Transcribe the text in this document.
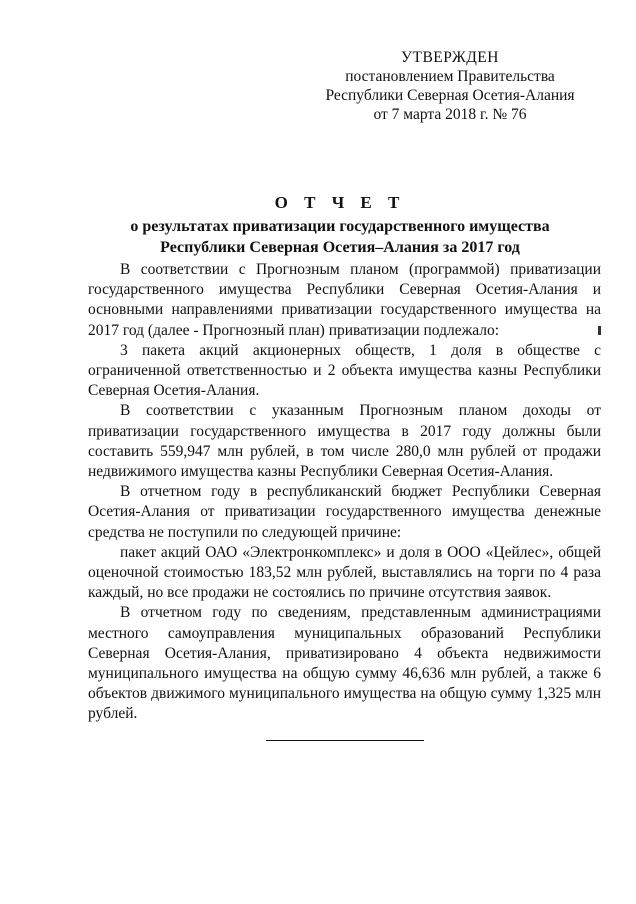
УТВЕРЖДЕН
постановлением Правительства
Республики Северная Осетия-Алания
от 7 марта 2018 г. № 76
О Т Ч Е Т
о результатах приватизации государственного имущества
Республики Северная Осетия–Алания за 2017 год

В соответствии с Прогнозным планом (программой) приватизации государственного имущества Республики Северная Осетия-Алания и основными направлениями приватизации государственного имущества на 2017 год (далее - Прогнозный план) приватизации подлежало:

3 пакета акций акционерных обществ, 1 доля в обществе с ограниченной ответственностью и 2 объекта имущества казны Республики Северная Осетия-Алания.

В соответствии с указанным Прогнозным планом доходы от приватизации государственного имущества в 2017 году должны были составить 559,947 млн рублей, в том числе 280,0 млн рублей от продажи недвижимого имущества казны Республики Северная Осетия-Алания.

В отчетном году в республиканский бюджет Республики Северная Осетия-Алания от приватизации государственного имущества денежные средства не поступили по следующей причине:

пакет акций ОАО «Электронкомплекс» и доля в ООО «Цейлес», общей оценочной стоимостью 183,52 млн рублей, выставлялись на торги по 4 раза каждый, но все продажи не состоялись по причине отсутствия заявок.

В отчетном году по сведениям, представленным администрациями местного самоуправления муниципальных образований Республики Северная Осетия-Алания, приватизировано 4 объекта недвижимости муниципального имущества на общую сумму 46,636 млн рублей, а также 6 объектов движимого муниципального имущества на общую сумму 1,325 млн рублей.
